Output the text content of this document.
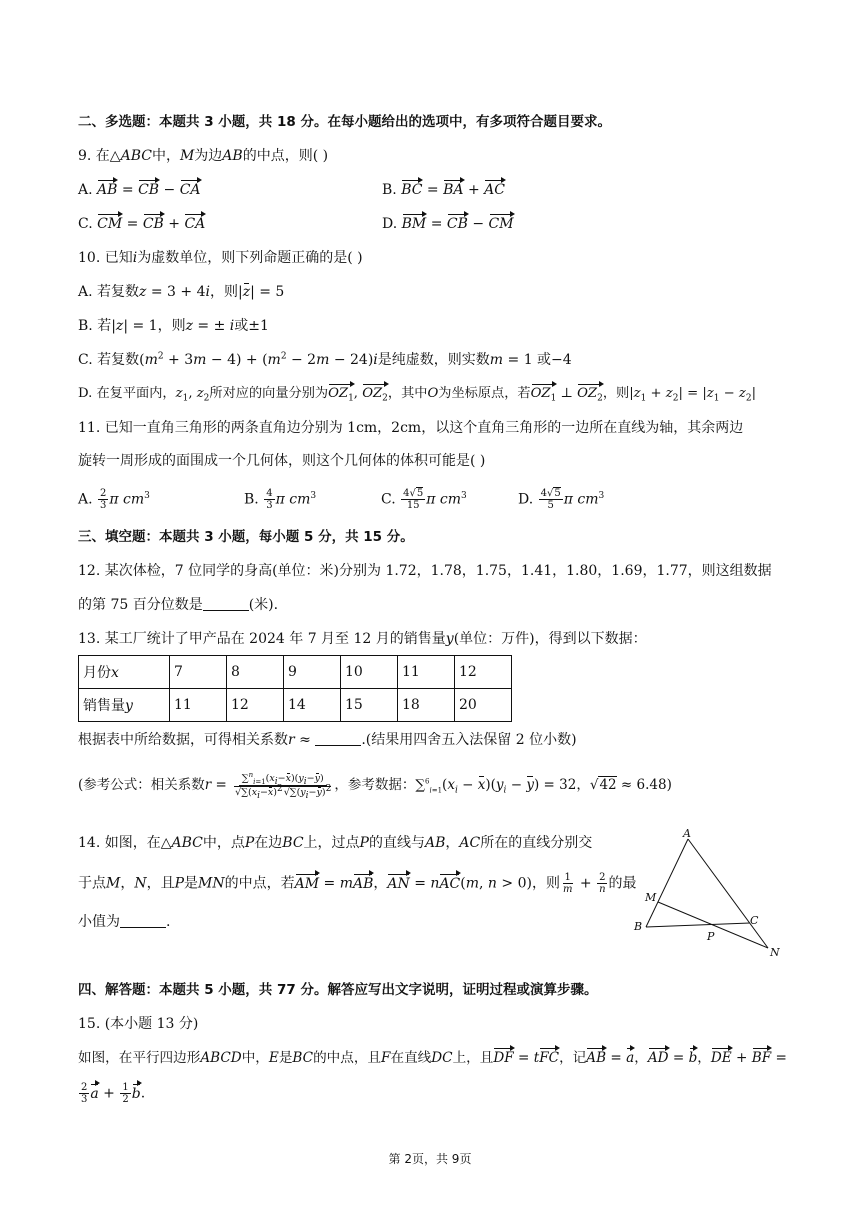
二、多选题：本题共 3 小题，共 18 分。在每小题给出的选项中，有多项符合题目要求。
9. 在△ABC中，M为边AB的中点，则( )
A. AB = CB − CA	B. BC = BA + AC
C. CM = CB + CA	D. BM = CB − CM
10. 已知i为虚数单位，则下列命题正确的是( )
A. 若复数z = 3 + 4i，则|z| = 5
B. 若|z| = 1，则z = ± i或±1
C. 若复数$(m^2 + 3m - 4) + (m^2 - 2m - 24)i$是纯虚数，则实数m = 1 或−4
D. 在复平面内，$z_1$, $z_2$所对应的向量分别为$OZ_1$, $OZ_2$，其中O为坐标原点，若$OZ_1$ ⊥ $OZ_2$，则$|z_1 + z_2| = |z_1 - z_2|$
11. 已知一直角三角形的两条直角边分别为 1cm，2cm，以这个直角三角形的一边所在直线为轴，其余两边
旋转一周形成的面围成一个几何体，则这个几何体的体积可能是( )
A. $\frac{2}{3}$ π $cm^3$	B. $\frac{4}{3}$ π $cm^3$	C. $\frac{4√5}{15}$ π $cm^3$	D. $\frac{4√5}{5}$ π $cm^3$
三、填空题：本题共 3 小题，每小题 5 分，共 15 分。
12. 某次体检，7 位同学的身高(单位：米)分别为 1.72，1.78，1.75，1.41，1.80，1.69，1.77，则这组数据
的第 75 百分位数是	(米).
13. 某工厂统计了甲产品在 2024 年 7 月至 12 月的销售量y(单位：万件)，得到以下数据：
月份x	7	8	9	10	11	12
销售量y	11	12	14	15	18	20
根据表中所给数据，可得相关系数r ≈	.(结果用四舍五入法保留 2 位小数)
(参考公式：相关系数$r = \frac{\sum^n_{i=1}(x_i-x)(y_i-y)}{√\sum(x_i-x)^2√\sum(y_i-y)^2}$ ，参考数据：$\sum^6_{i=1}(x_i - x)(y_i - y) = 32$，√42 ≈ 6.48)
14. 如图，在△ABC中，点P在边BC上，过点P的直线与AB，AC所在的直线分别交
于点M，N，且P是MN的中点，若AM = mAB，AN = nAC(m, n > 0)，则 $\frac{1}{m} + \frac{2}{n}$ 的最
小值为	.
A
B	C
M
N
P
四、解答题：本题共 5 小题，共 77 分。解答应写出文字说明，证明过程或演算步骤。
15. (本小题 13 分)
如图，在平行四边形ABCD中，E是BC的中点，且F在直线DC上，且DF = tFC，记AB = a，AD = b，DE + BF =
$\frac{2}{3}$ $a + \frac{1}{2} b$.
第 2页，共 9页
